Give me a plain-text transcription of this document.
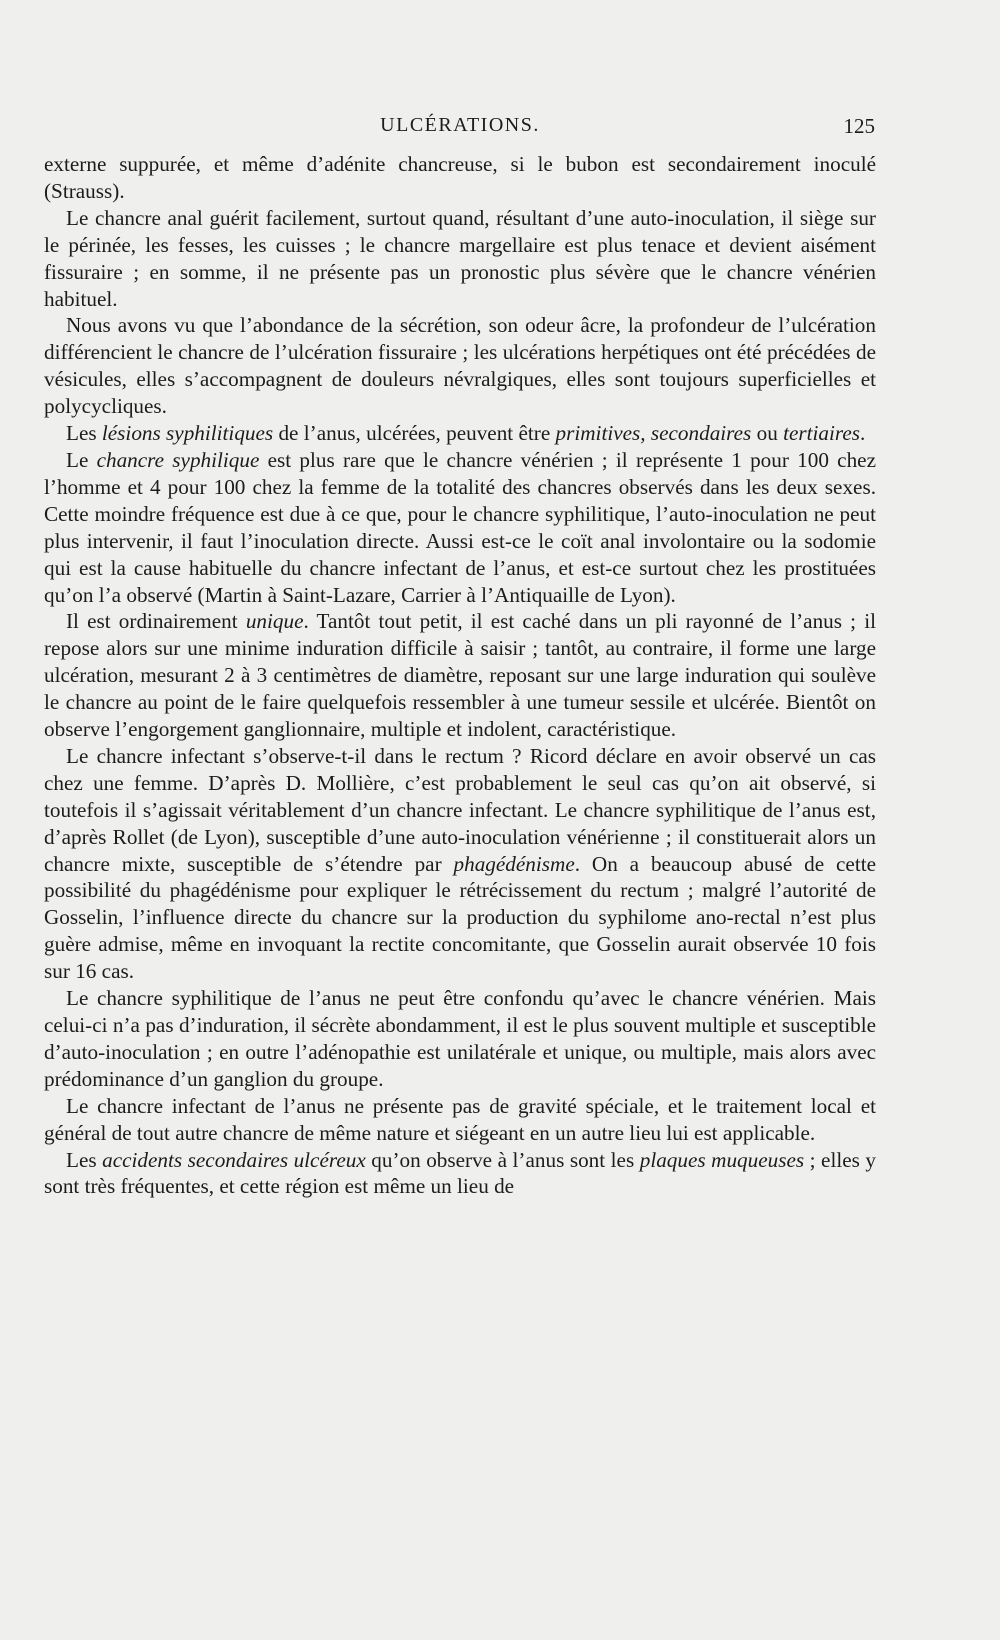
ULCÉRATIONS.	125

externe suppurée, et même d’adénite chancreuse, si le bubon est secondairement inoculé (Strauss).

Le chancre anal guérit facilement, surtout quand, résultant d’une auto-inoculation, il siège sur le périnée, les fesses, les cuisses ; le chancre margellaire est plus tenace et devient aisément fissuraire ; en somme, il ne présente pas un pronostic plus sévère que le chancre vénérien habituel.

Nous avons vu que l’abondance de la sécrétion, son odeur âcre, la profondeur de l’ulcération différencient le chancre de l’ulcération fissuraire ; les ulcérations herpétiques ont été précédées de vésicules, elles s’accompagnent de douleurs névralgiques, elles sont toujours superficielles et polycycliques.

Les lésions syphilitiques de l’anus, ulcérées, peuvent être primitives, secondaires ou tertiaires.

Le chancre syphilique est plus rare que le chancre vénérien ; il représente 1 pour 100 chez l’homme et 4 pour 100 chez la femme de la totalité des chancres observés dans les deux sexes. Cette moindre fréquence est due à ce que, pour le chancre syphilitique, l’auto-inoculation ne peut plus intervenir, il faut l’inoculation directe. Aussi est-ce le coït anal involontaire ou la sodomie qui est la cause habituelle du chancre infectant de l’anus, et est-ce surtout chez les prostituées qu’on l’a observé (Martin à Saint-Lazare, Carrier à l’Antiquaille de Lyon).

Il est ordinairement unique. Tantôt tout petit, il est caché dans un pli rayonné de l’anus ; il repose alors sur une minime induration difficile à saisir ; tantôt, au contraire, il forme une large ulcération, mesurant 2 à 3 centimètres de diamètre, reposant sur une large induration qui soulève le chancre au point de le faire quelquefois ressembler à une tumeur sessile et ulcérée. Bientôt on observe l’engorgement ganglionnaire, multiple et indolent, caractéristique.

Le chancre infectant s’observe-t-il dans le rectum ? Ricord déclare en avoir observé un cas chez une femme. D’après D. Mollière, c’est probablement le seul cas qu’on ait observé, si toutefois il s’agissait véritablement d’un chancre infectant. Le chancre syphilitique de l’anus est, d’après Rollet (de Lyon), susceptible d’une auto-inoculation vénérienne ; il constituerait alors un chancre mixte, susceptible de s’étendre par phagédénisme. On a beaucoup abusé de cette possibilité du phagédénisme pour expliquer le rétrécissement du rectum ; malgré l’autorité de Gosselin, l’influence directe du chancre sur la production du syphilome ano-rectal n’est plus guère admise, même en invoquant la rectite concomitante, que Gosselin aurait observée 10 fois sur 16 cas.

Le chancre syphilitique de l’anus ne peut être confondu qu’avec le chancre vénérien. Mais celui-ci n’a pas d’induration, il sécrète abondamment, il est le plus souvent multiple et susceptible d’auto-inoculation ; en outre l’adénopathie est unilatérale et unique, ou multiple, mais alors avec prédominance d’un ganglion du groupe.

Le chancre infectant de l’anus ne présente pas de gravité spéciale, et le traitement local et général de tout autre chancre de même nature et siégeant en un autre lieu lui est applicable.

Les accidents secondaires ulcéreux qu’on observe à l’anus sont les plaques muqueuses ; elles y sont très fréquentes, et cette région est même un lieu de
